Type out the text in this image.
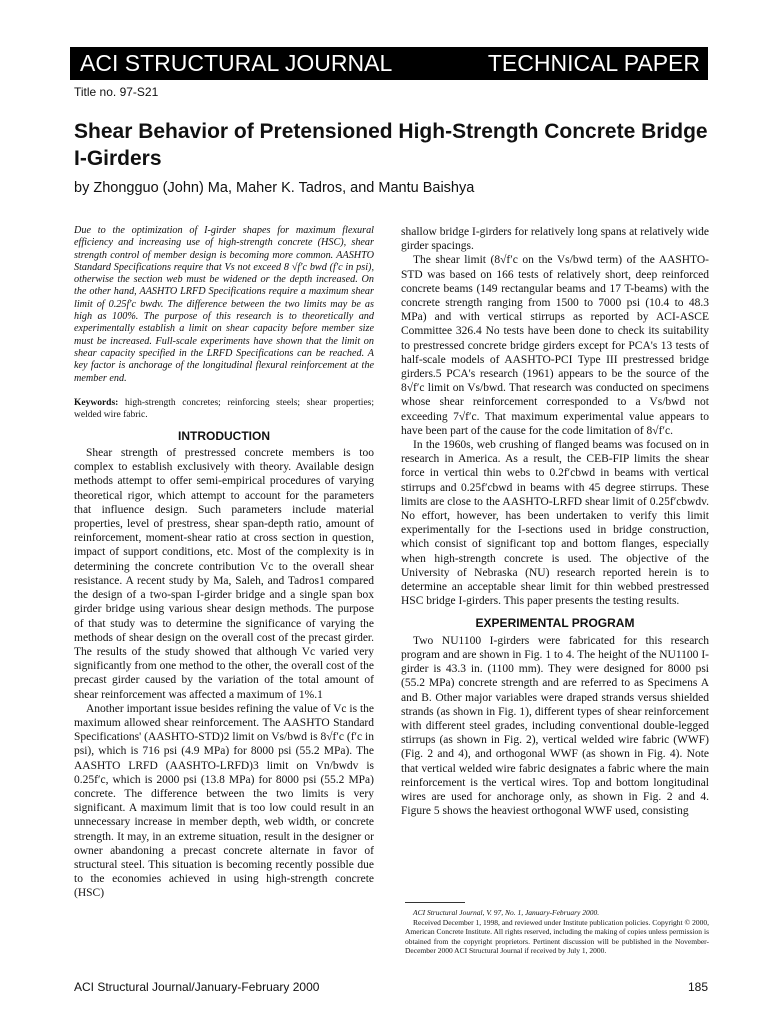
ACI STRUCTURAL JOURNAL	TECHNICAL PAPER
Title no. 97-S21
Shear Behavior of Pretensioned High-Strength Concrete Bridge I-Girders
by Zhongguo (John) Ma, Maher K. Tadros, and Mantu Baishya

Due to the optimization of I-girder shapes for maximum flexural efficiency and increasing use of high-strength concrete (HSC), shear strength control of member design is becoming more common. AASHTO Standard Specifications require that Vs not exceed 8 √f′c bwd (f′c in psi), otherwise the section web must be widened or the depth increased. On the other hand, AASHTO LRFD Specifications require a maximum shear limit of 0.25f′c bwdv. The difference between the two limits may be as high as 100%. The purpose of this research is to theoretically and experimentally establish a limit on shear capacity before member size must be increased. Full-scale experiments have shown that the limit on shear capacity specified in the LRFD Specifications can be reached. A key factor is anchorage of the longitudinal flexural reinforcement at the member end.

Keywords: high-strength concretes; reinforcing steels; shear properties; welded wire fabric.

INTRODUCTION

Shear strength of prestressed concrete members is too complex to establish exclusively with theory. Available design methods attempt to offer semi-empirical procedures of varying theoretical rigor, which attempt to account for the parameters that influence design. Such parameters include material properties, level of prestress, shear span-depth ratio, amount of reinforcement, moment-shear ratio at cross section in question, impact of support conditions, etc. Most of the complexity is in determining the concrete contribution Vc to the overall shear resistance. A recent study by Ma, Saleh, and Tadros1 compared the design of a two-span I-girder bridge and a single span box girder bridge using various shear design methods. The purpose of that study was to determine the significance of varying the methods of shear design on the overall cost of the precast girder. The results of the study showed that although Vc varied very significantly from one method to the other, the overall cost of the precast girder caused by the variation of the total amount of shear reinforcement was affected a maximum of 1%.1

Another important issue besides refining the value of Vc is the maximum allowed shear reinforcement. The AASHTO Standard Specifications' (AASHTO-STD)2 limit on Vs/bwd is 8√f′c (f′c in psi), which is 716 psi (4.9 MPa) for 8000 psi (55.2 MPa). The AASHTO LRFD (AASHTO-LRFD)3 limit on Vn/bwdv is 0.25f′c, which is 2000 psi (13.8 MPa) for 8000 psi (55.2 MPa) concrete. The difference between the two limits is very significant. A maximum limit that is too low could result in an unnecessary increase in member depth, web width, or concrete strength. It may, in an extreme situation, result in the designer or owner abandoning a precast concrete alternate in favor of structural steel. This situation is becoming recently possible due to the economies achieved in using high-strength concrete (HSC)

shallow bridge I-girders for relatively long spans at relatively wide girder spacings.

The shear limit (8√f′c on the Vs/bwd term) of the AASHTO-STD was based on 166 tests of relatively short, deep reinforced concrete beams (149 rectangular beams and 17 T-beams) with the concrete strength ranging from 1500 to 7000 psi (10.4 to 48.3 MPa) and with vertical stirrups as reported by ACI-ASCE Committee 326.4 No tests have been done to check its suitability to prestressed concrete bridge girders except for PCA's 13 tests of half-scale models of AASHTO-PCI Type III prestressed bridge girders.5 PCA's research (1961) appears to be the source of the 8√f′c limit on Vs/bwd. That research was conducted on specimens whose shear reinforcement corresponded to a Vs/bwd not exceeding 7√f′c. That maximum experimental value appears to have been part of the cause for the code limitation of 8√f′c.

In the 1960s, web crushing of flanged beams was focused on in research in America. As a result, the CEB-FIP limits the shear force in vertical thin webs to 0.2f′cbwd in beams with vertical stirrups and 0.25f′cbwd in beams with 45 degree stirrups. These limits are close to the AASHTO-LRFD shear limit of 0.25f′cbwdv. No effort, however, has been undertaken to verify this limit experimentally for the I-sections used in bridge construction, which consist of significant top and bottom flanges, especially when high-strength concrete is used. The objective of the University of Nebraska (NU) research reported herein is to determine an acceptable shear limit for thin webbed prestressed HSC bridge I-girders. This paper presents the testing results.

EXPERIMENTAL PROGRAM

Two NU1100 I-girders were fabricated for this research program and are shown in Fig. 1 to 4. The height of the NU1100 I-girder is 43.3 in. (1100 mm). They were designed for 8000 psi (55.2 MPa) concrete strength and are referred to as Specimens A and B. Other major variables were draped strands versus shielded strands (as shown in Fig. 1), different types of shear reinforcement with different steel grades, including conventional double-legged stirrups (as shown in Fig. 2), vertical welded wire fabric (WWF) (Fig. 2 and 4), and orthogonal WWF (as shown in Fig. 4). Note that vertical welded wire fabric designates a fabric where the main reinforcement is the vertical wires. Top and bottom longitudinal wires are used for anchorage only, as shown in Fig. 2 and 4. Figure 5 shows the heaviest orthogonal WWF used, consisting

ACI Structural Journal, V. 97, No. 1, January-February 2000.

Received December 1, 1998, and reviewed under Institute publication policies. Copyright © 2000, American Concrete Institute. All rights reserved, including the making of copies unless permission is obtained from the copyright proprietors. Pertinent discussion will be published in the November-December 2000 ACI Structural Journal if received by July 1, 2000.

ACI Structural Journal/January-February 2000	185
